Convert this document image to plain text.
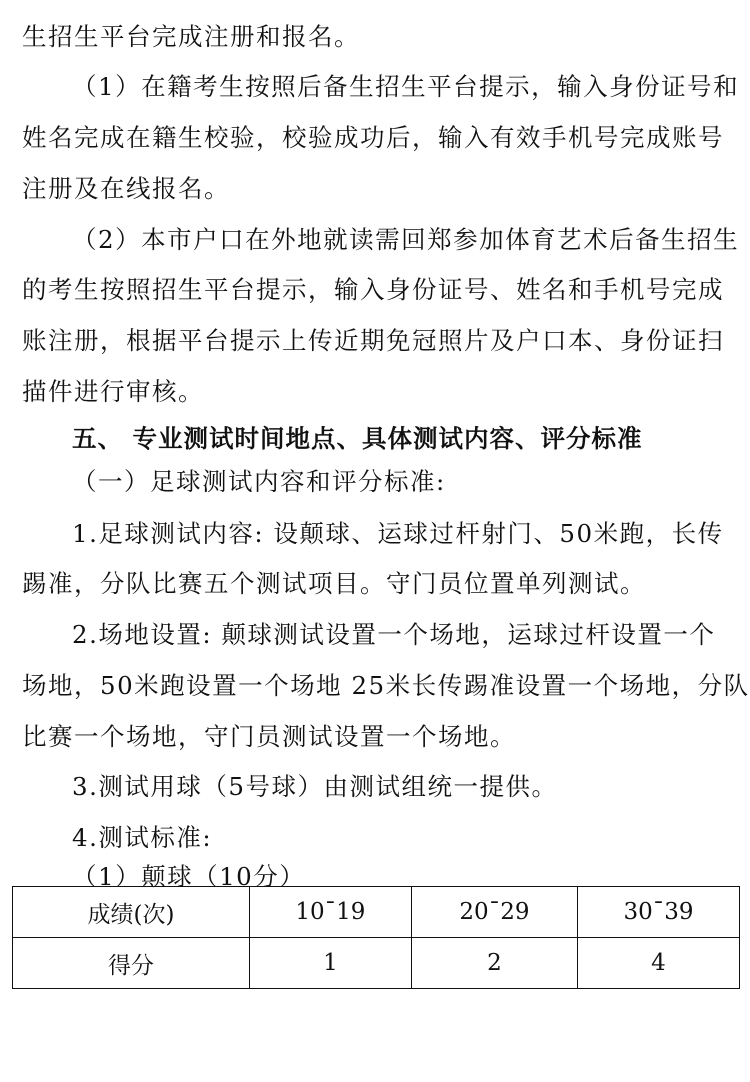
生招生平台完成注册和报名。
（1）在籍考生按照后备生招生平台提示，输入身份证号和
姓名完成在籍生校验，校验成功后，输入有效手机号完成账号
注册及在线报名。
（2）本市户口在外地就读需回郑参加体育艺术后备生招生
的考生按照招生平台提示，输入身份证号、姓名和手机号完成
账注册，根据平台提示上传近期免冠照片及户口本、身份证扫
描件进行审核。
五、 专业测试时间地点、具体测试内容、评分标准
（一）足球测试内容和评分标准:
1.足球测试内容: 设颠球、运球过杆射门、50米跑，长传
踢准，分队比赛五个测试项目。守门员位置单列测试。
2.场地设置: 颠球测试设置一个场地，运球过杆设置一个
场地，50米跑设置一个场地 25米长传踢准设置一个场地，分队
比赛一个场地，守门员测试设置一个场地。
3.测试用球（5号球）由测试组统一提供。
4.测试标准:
（1）颠球（10分）
成绩(次)	10¯19	20¯29	30¯39
得分	1	2	4
